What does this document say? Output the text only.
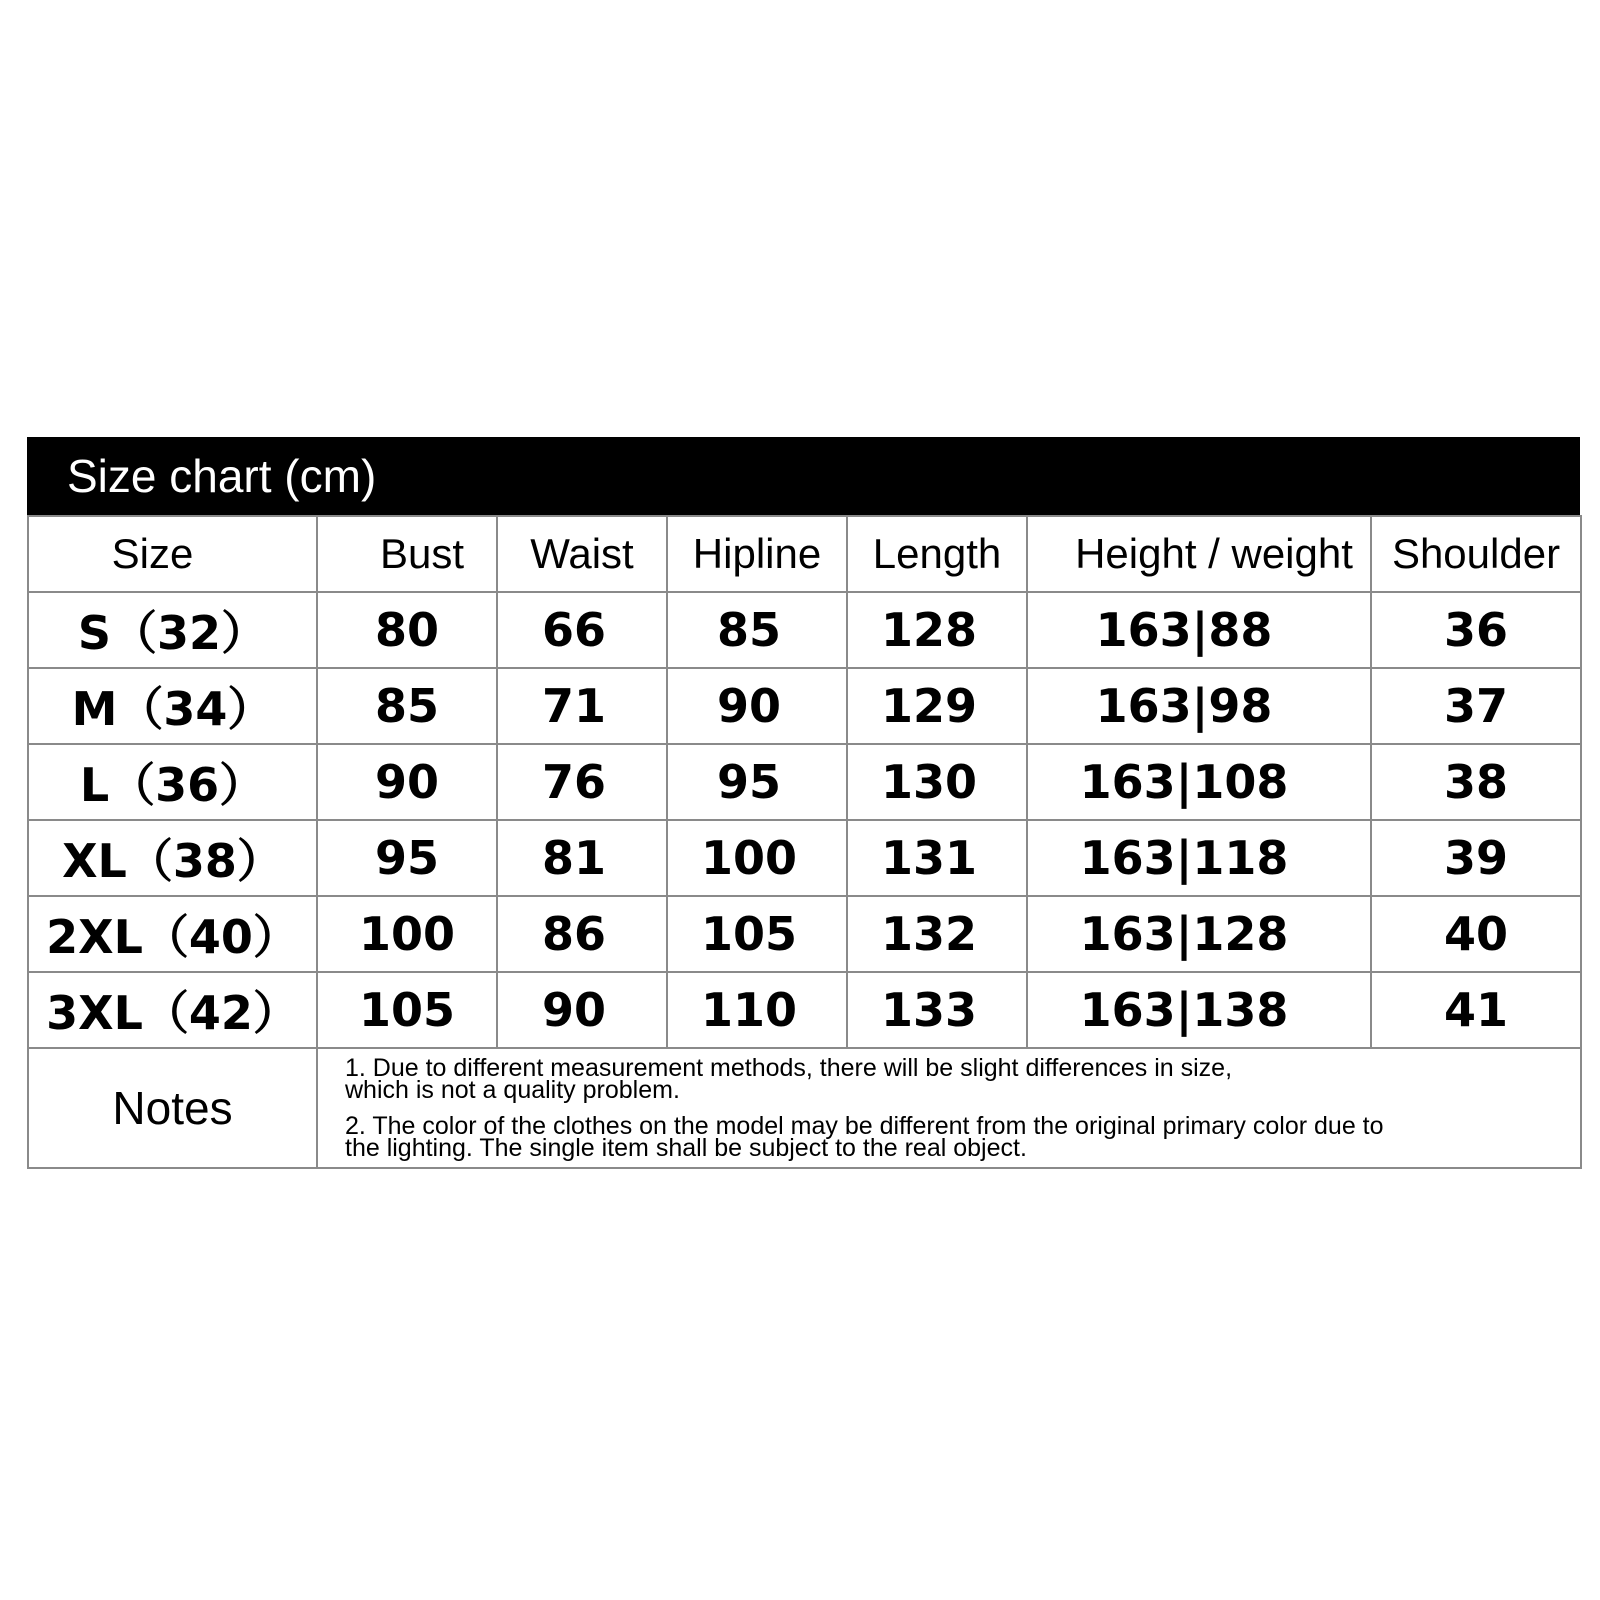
Size chart (cm)
Size	Bust	Waist	Hipline	Length	Height / weight	Shoulder
S（32）	80	66	85	128	163|88	36
M（34）	85	71	90	129	163|98	37
L（36）	90	76	95	130	163|108	38
XL（38）	95	81	100	131	163|118	39
2XL（40）	100	86	105	132	163|128	40
3XL（42）	105	90	110	133	163|138	41
Notes	1. Due to different measurement methods, there will be slight differences in size,
which is not a quality problem.
2. The color of the clothes on the model may be different from the original primary color due to
the lighting. The single item shall be subject to the real object.					
